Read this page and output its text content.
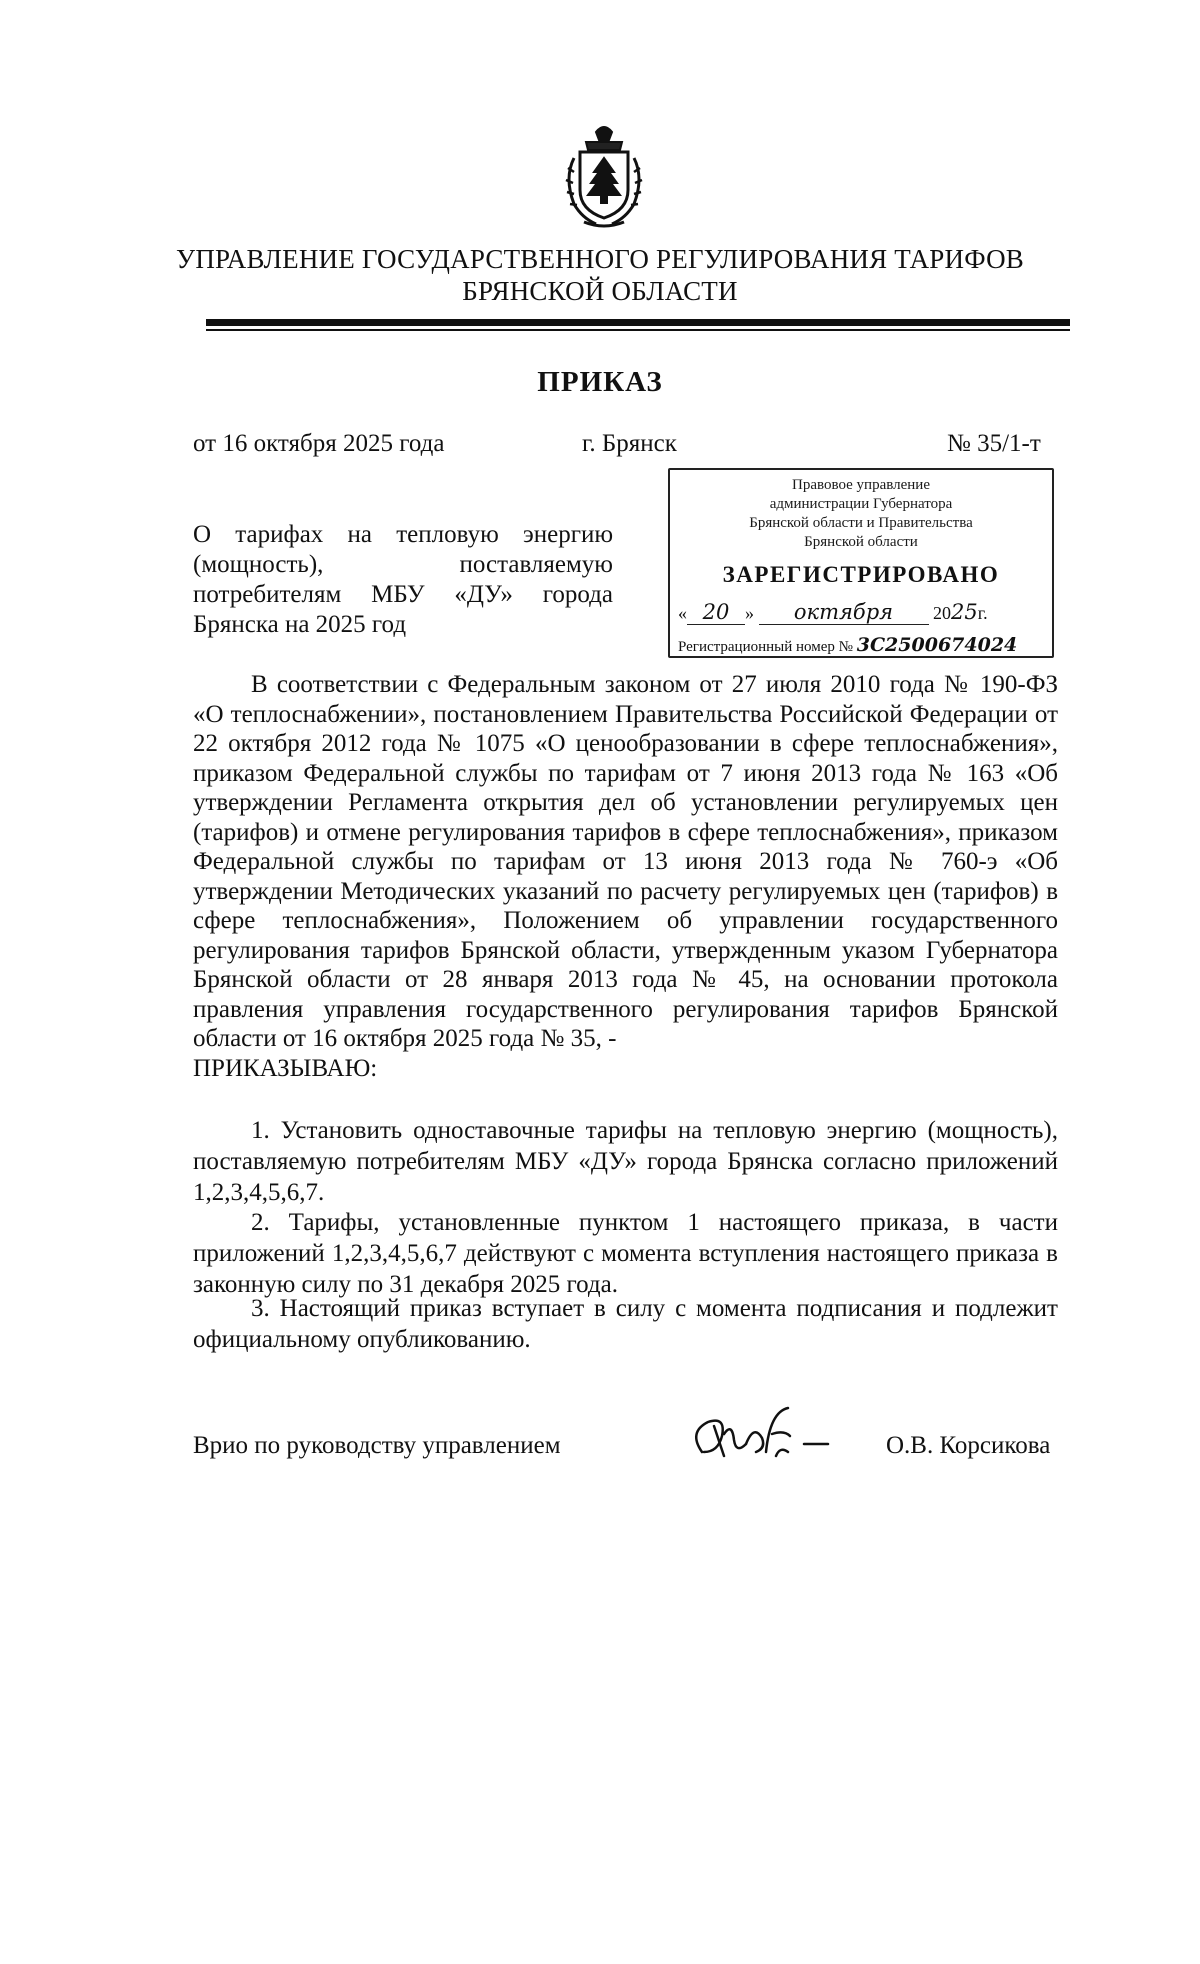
УПРАВЛЕНИЕ ГОСУДАРСТВЕННОГО РЕГУЛИРОВАНИЯ ТАРИФОВ
БРЯНСКОЙ ОБЛАСТИ
ПРИКАЗ
от 16 октября 2025 года	г. Брянск	№ 35/1-т
О тарифах на тепловую энергию
(мощность), поставляемую
потребителям МБУ «ДУ» города
Брянска на 2025 год
Правовое управление
администрации Губернатора
Брянской области и Правительства
Брянской области
ЗАРЕГИСТРИРОВАНО
« 20 » октября 2025г.
Регистрационный номер № 3С2500674024
В соответствии с Федеральным законом от 27 июля 2010 года № 190-ФЗ «О теплоснабжении», постановлением Правительства Российской Федерации от 22 октября 2012 года № 1075 «О ценообразовании в сфере теплоснабжения», приказом Федеральной службы по тарифам от 7 июня 2013 года № 163 «Об утверждении Регламента открытия дел об установлении регулируемых цен (тарифов) и отмене регулирования тарифов в сфере теплоснабжения», приказом Федеральной службы по тарифам от 13 июня 2013 года № 760-э «Об утверждении Методических указаний по расчету регулируемых цен (тарифов) в сфере теплоснабжения», Положением об управлении государственного регулирования тарифов Брянской области, утвержденным указом Губернатора Брянской области от 28 января 2013 года № 45, на основании протокола правления управления государственного регулирования тарифов Брянской области от 16 октября 2025 года № 35, -
ПРИКАЗЫВАЮ:
1. Установить одноставочные тарифы на тепловую энергию (мощность), поставляемую потребителям МБУ «ДУ» города Брянска согласно приложений 1,2,3,4,5,6,7.
2. Тарифы, установленные пунктом 1 настоящего приказа, в части приложений 1,2,3,4,5,6,7 действуют с момента вступления настоящего приказа в законную силу по 31 декабря 2025 года.
3. Настоящий приказ вступает в силу с момента подписания и подлежит официальному опубликованию.
Врио по руководству управлением	О.В. Корсикова
